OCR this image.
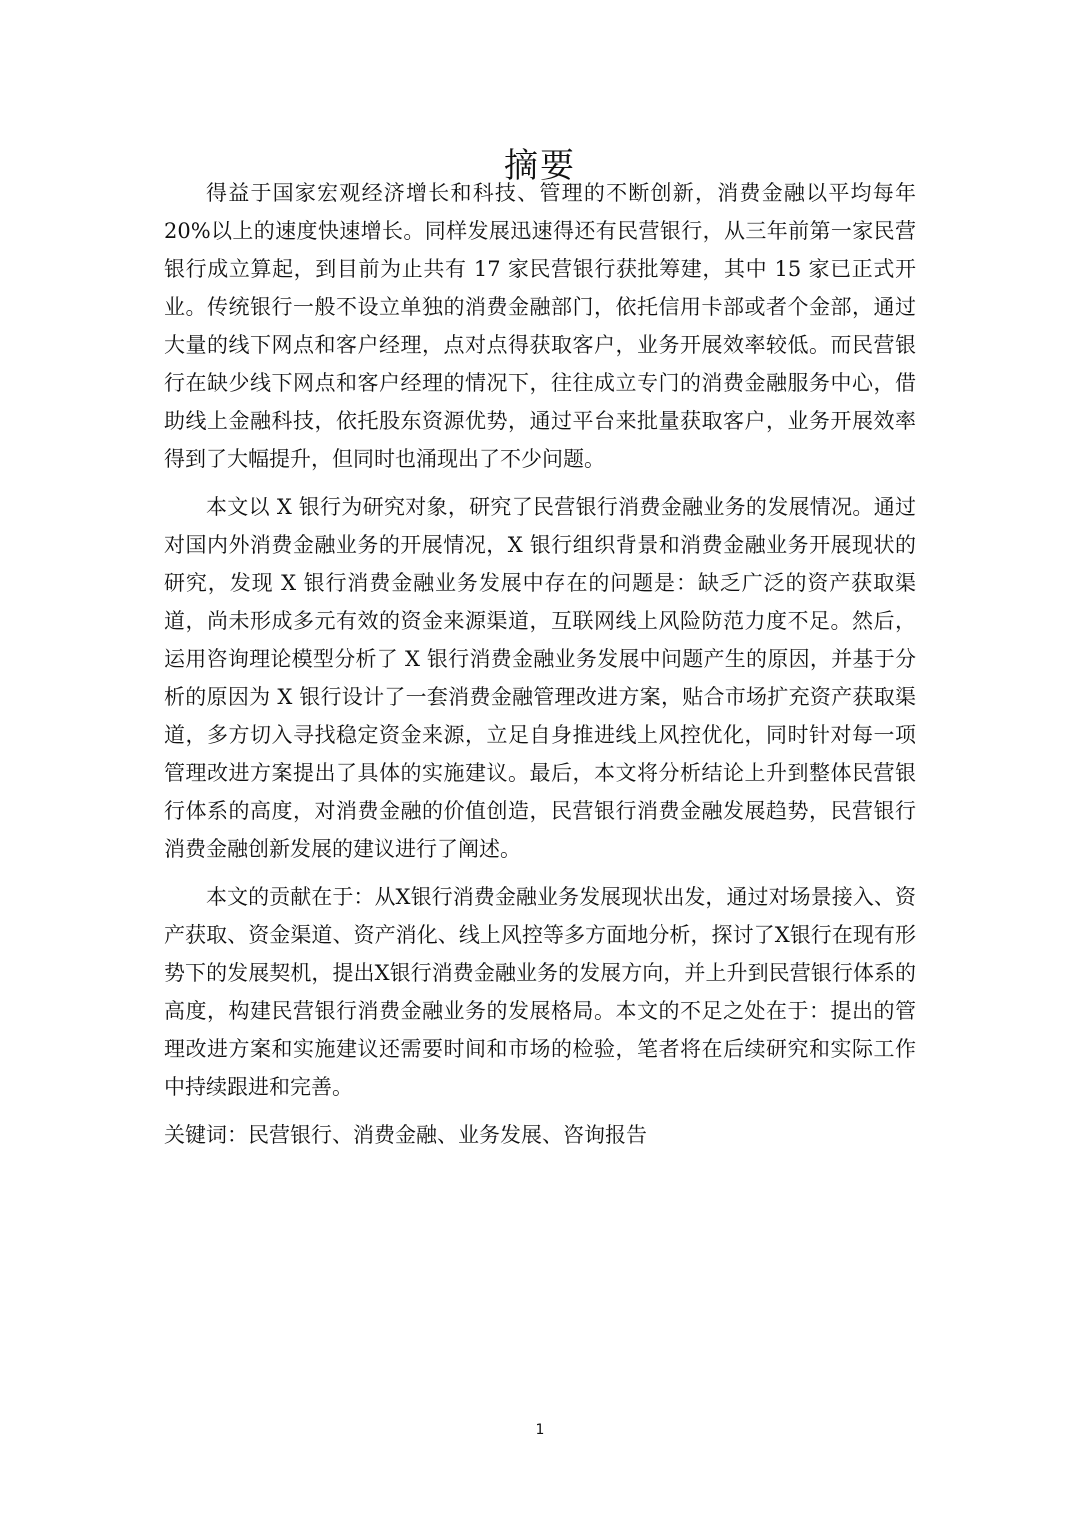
摘要

得益于国家宏观经济增长和科技、管理的不断创新，消费金融以平均每年20%以上的速度快速增长。同样发展迅速得还有民营银行，从三年前第一家民营银行成立算起，到目前为止共有 17 家民营银行获批筹建，其中 15 家已正式开业。传统银行一般不设立单独的消费金融部门，依托信用卡部或者个金部，通过大量的线下网点和客户经理，点对点得获取客户，业务开展效率较低。而民营银行在缺少线下网点和客户经理的情况下，往往成立专门的消费金融服务中心，借助线上金融科技，依托股东资源优势，通过平台来批量获取客户，业务开展效率得到了大幅提升，但同时也涌现出了不少问题。

本文以 X 银行为研究对象，研究了民营银行消费金融业务的发展情况。通过对国内外消费金融业务的开展情况，X 银行组织背景和消费金融业务开展现状的研究，发现 X 银行消费金融业务发展中存在的问题是：缺乏广泛的资产获取渠道，尚未形成多元有效的资金来源渠道，互联网线上风险防范力度不足。然后，运用咨询理论模型分析了 X 银行消费金融业务发展中问题产生的原因，并基于分析的原因为 X 银行设计了一套消费金融管理改进方案，贴合市场扩充资产获取渠道，多方切入寻找稳定资金来源，立足自身推进线上风控优化，同时针对每一项管理改进方案提出了具体的实施建议。最后，本文将分析结论上升到整体民营银行体系的高度，对消费金融的价值创造，民营银行消费金融发展趋势，民营银行消费金融创新发展的建议进行了阐述。

本文的贡献在于：从X银行消费金融业务发展现状出发，通过对场景接入、资产获取、资金渠道、资产消化、线上风控等多方面地分析，探讨了X银行在现有形势下的发展契机，提出X银行消费金融业务的发展方向，并上升到民营银行体系的高度，构建民营银行消费金融业务的发展格局。本文的不足之处在于：提出的管理改进方案和实施建议还需要时间和市场的检验，笔者将在后续研究和实际工作中持续跟进和完善。

关键词：民营银行、消费金融、业务发展、咨询报告
1
